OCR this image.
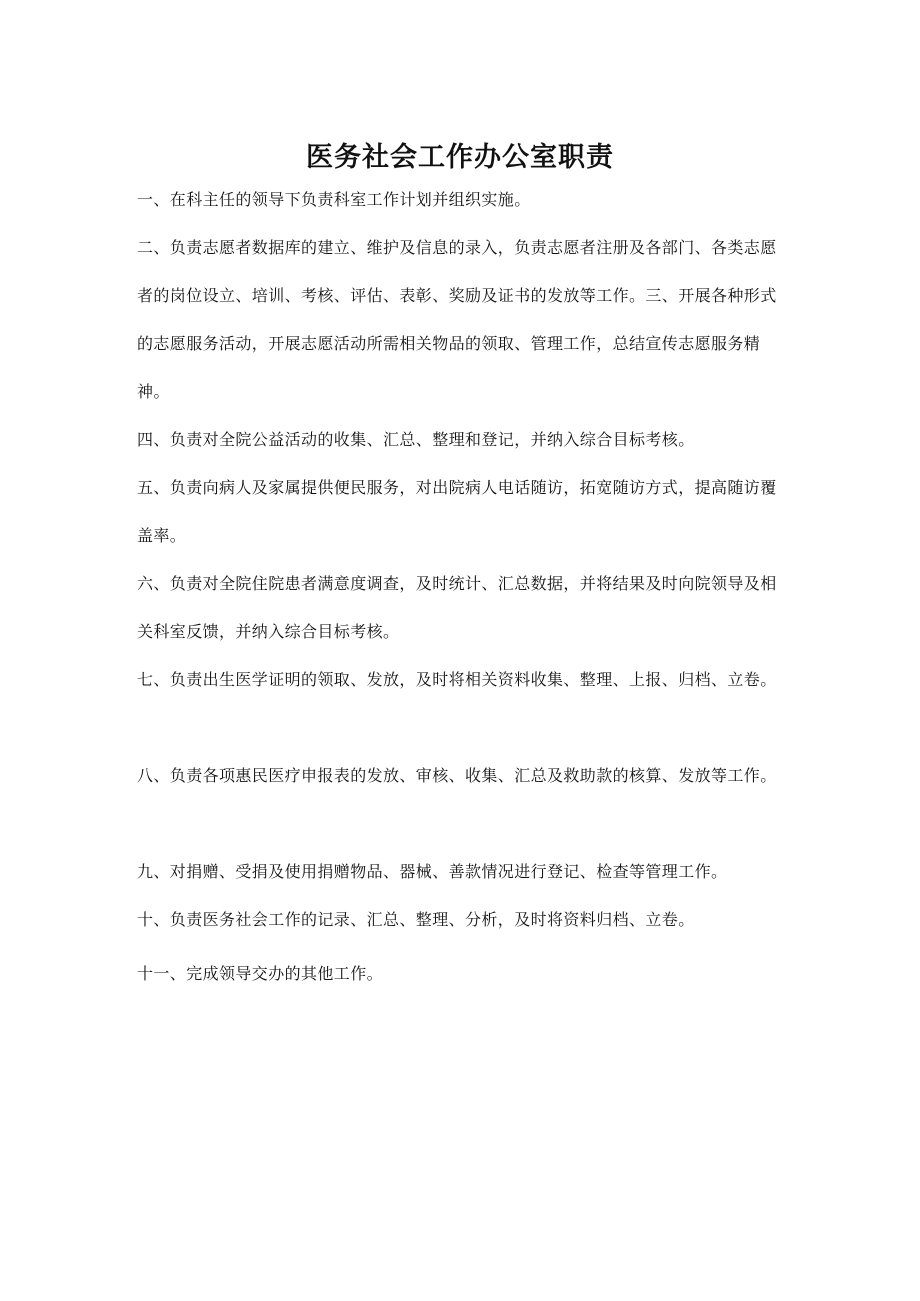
医务社会工作办公室职责

一、在科主任的领导下负责科室工作计划并组织实施。

二、负责志愿者数据库的建立、维护及信息的录入，负责志愿者注册及各部门、各类志愿者的岗位设立、培训、考核、评估、表彰、奖励及证书的发放等工作。三、开展各种形式的志愿服务活动，开展志愿活动所需相关物品的领取、管理工作，总结宣传志愿服务精神。

四、负责对全院公益活动的收集、汇总、整理和登记，并纳入综合目标考核。

五、负责向病人及家属提供便民服务，对出院病人电话随访，拓宽随访方式，提高随访覆盖率。

六、负责对全院住院患者满意度调查，及时统计、汇总数据，并将结果及时向院领导及相关科室反馈，并纳入综合目标考核。

七、负责出生医学证明的领取、发放，及时将相关资料收集、整理、上报、归档、立卷。

八、负责各项惠民医疗申报表的发放、审核、收集、汇总及救助款的核算、发放等工作。

九、对捐赠、受捐及使用捐赠物品、器械、善款情况进行登记、检查等管理工作。

十、负责医务社会工作的记录、汇总、整理、分析，及时将资料归档、立卷。

十一、完成领导交办的其他工作。
